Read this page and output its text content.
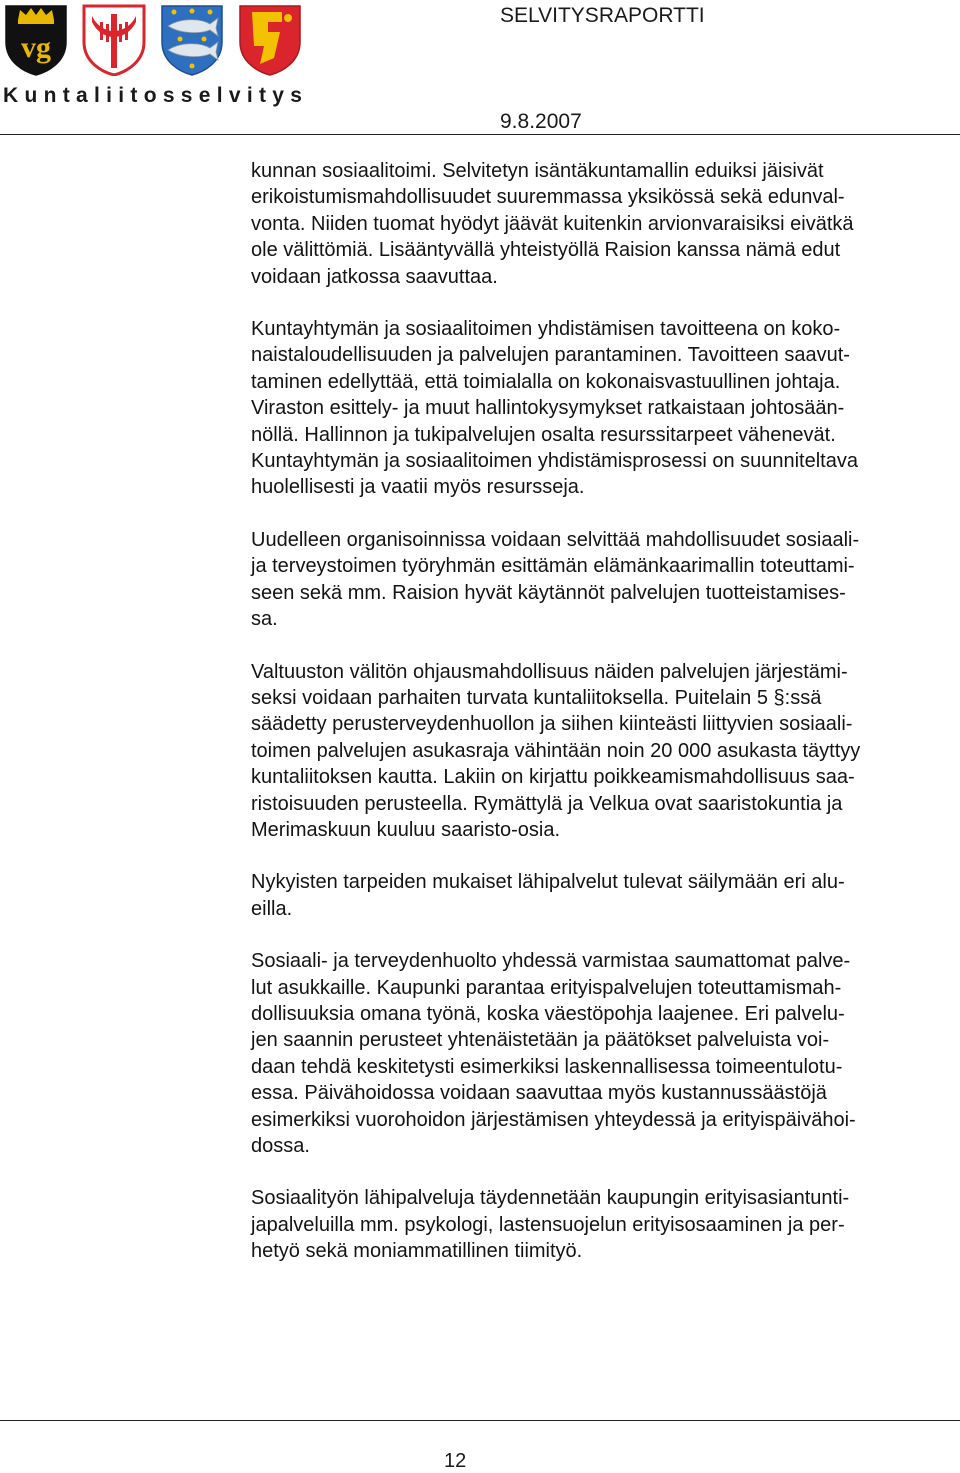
vg
Kuntaliitosselvitys
SELVITYSRAPORTTI
9.8.2007

kunnan sosiaalitoimi. Selvitetyn isäntäkuntamallin eduiksi jäisivät
erikoistumismahdollisuudet suuremmassa yksikössä sekä edunval-
vonta. Niiden tuomat hyödyt jäävät kuitenkin arvionvaraisiksi eivätkä
ole välittömiä. Lisääntyvällä yhteistyöllä Raision kanssa nämä edut
voidaan jatkossa saavuttaa.

Kuntayhtymän ja sosiaalitoimen yhdistämisen tavoitteena on koko-
naistaloudellisuuden ja palvelujen parantaminen. Tavoitteen saavut-
taminen edellyttää, että toimialalla on kokonaisvastuullinen johtaja.
Viraston esittely- ja muut hallintokysymykset ratkaistaan johtosään-
nöllä. Hallinnon ja tukipalvelujen osalta resurssitarpeet vähenevät.
Kuntayhtymän ja sosiaalitoimen yhdistämisprosessi on suunniteltava
huolellisesti ja vaatii myös resursseja.

Uudelleen organisoinnissa voidaan selvittää mahdollisuudet sosiaali-
ja terveystoimen työryhmän esittämän elämänkaarimallin toteuttami-
seen sekä mm. Raision hyvät käytännöt palvelujen tuotteistamises-
sa.

Valtuuston välitön ohjausmahdollisuus näiden palvelujen järjestämi-
seksi voidaan parhaiten turvata kuntaliitoksella. Puitelain 5 §:ssä
säädetty perusterveydenhuollon ja siihen kiinteästi liittyvien sosiaali-
toimen palvelujen asukasraja vähintään noin 20 000 asukasta täyttyy
kuntaliitoksen kautta. Lakiin on kirjattu poikkeamismahdollisuus saa-
ristoisuuden perusteella. Rymättylä ja Velkua ovat saaristokuntia ja
Merimaskuun kuuluu saaristo-osia.

Nykyisten tarpeiden mukaiset lähipalvelut tulevat säilymään eri alu-
eilla.

Sosiaali- ja terveydenhuolto yhdessä varmistaa saumattomat palve-
lut asukkaille. Kaupunki parantaa erityispalvelujen toteuttamismah-
dollisuuksia omana työnä, koska väestöpohja laajenee. Eri palvelu-
jen saannin perusteet yhtenäistetään ja päätökset palveluista voi-
daan tehdä keskitetysti esimerkiksi laskennallisessa toimeentulotu-
essa. Päivähoidossa voidaan saavuttaa myös kustannussäästöjä
esimerkiksi vuorohoidon järjestämisen yhteydessä ja erityispäivähoi-
dossa.

Sosiaalityön lähipalveluja täydennetään kaupungin erityisasiantunti-
japalveluilla mm. psykologi, lastensuojelun erityisosaaminen ja per-
hetyö sekä moniammatillinen tiimityö.

12
